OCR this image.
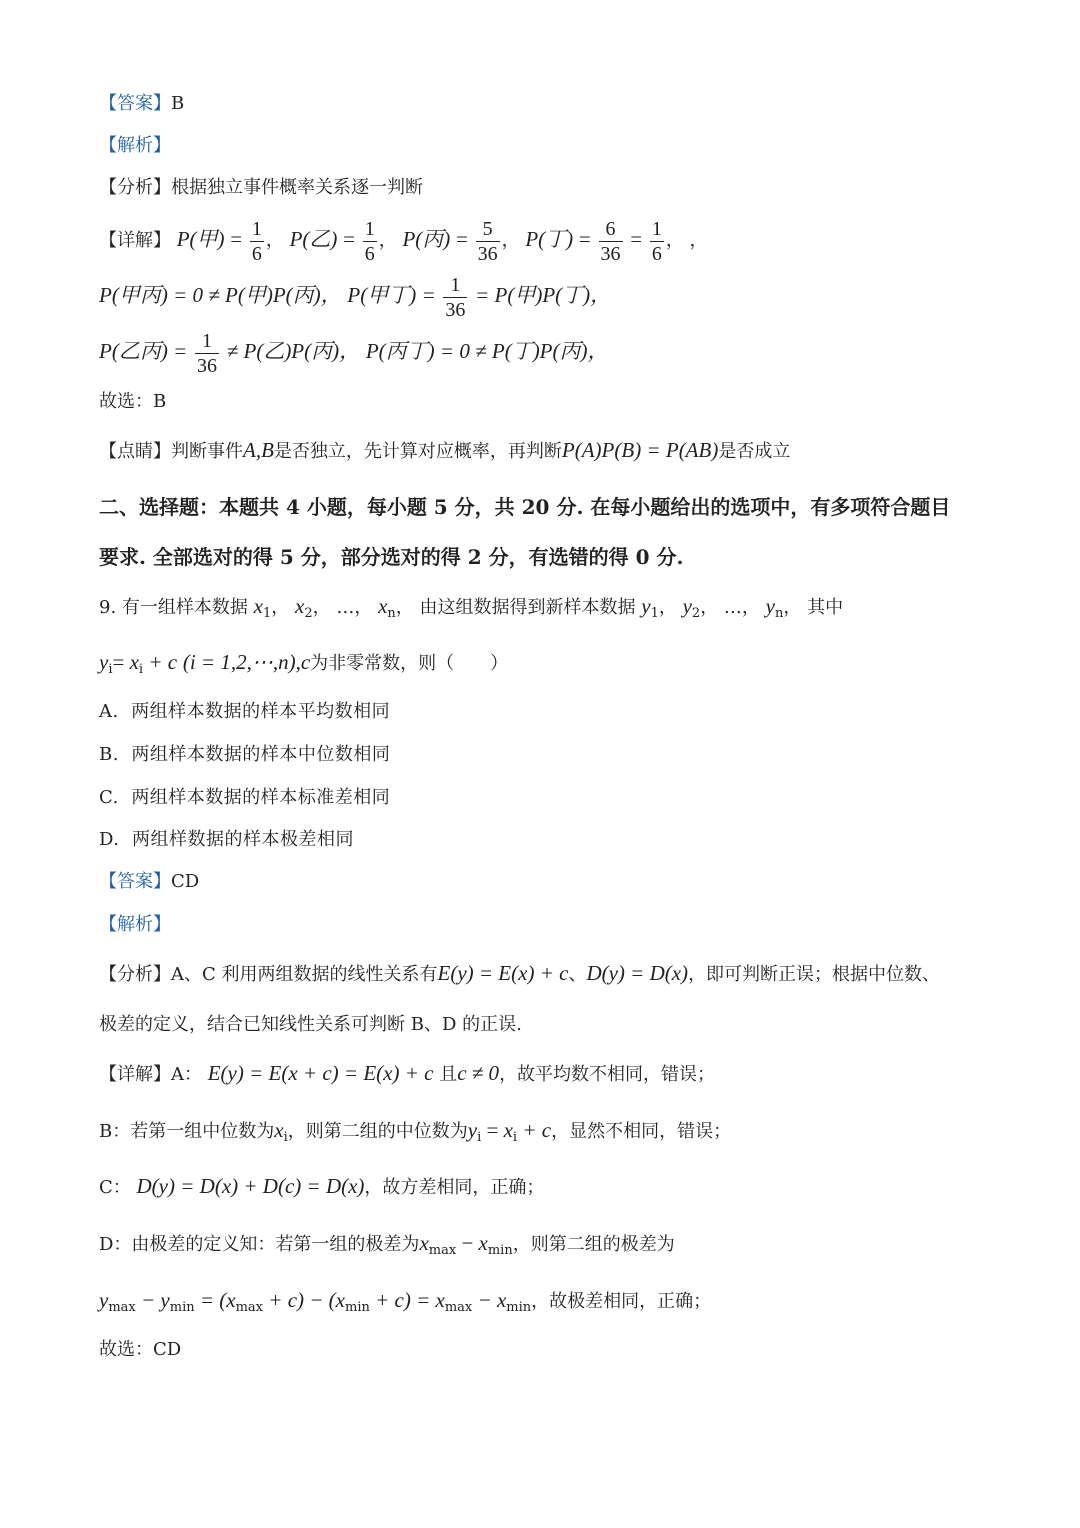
【答案】B
【解析】
【分析】根据独立事件概率关系逐一判断
【详解】 P(甲) = $\frac{1}{6}$ ， P(乙) = $\frac{1}{6}$ ， P(丙) = $\frac{5}{36}$ ， P(丁) = $\frac{6}{36} = \frac{1}{6}$ ， ，
P(甲丙) = 0 ≠ P(甲)P(丙)， P(甲丁) = $\frac{1}{36} = P$(甲)P(丁)，
P(乙丙) = $\frac{1}{36} \ne P$(乙)P(丙)， P(丙丁) = 0 ≠ P(丁)P(丙)，
故选：B
【点睛】判断事件A,B是否独立，先计算对应概率，再判断P(A)P(B) = P(AB)是否成立
二、选择题：本题共 4 小题，每小题 5 分，共 20 分. 在每小题给出的选项中，有多项符合题目
要求. 全部选对的得 5 分，部分选对的得 2 分，有选错的得 0 分.
9. 有一组样本数据 $x_1$， $x_2$， …， $x_n$， 由这组数据得到新样本数据 $y_1$， $y_2$， …， $y_n$， 其中
$y_i= x_i + c$ (i = 1,2,⋯,n),c为非零常数，则（　　）
A. 两组样本数据的样本平均数相同
B. 两组样本数据的样本中位数相同
C. 两组样本数据的样本标准差相同
D. 两组样数据的样本极差相同
【答案】CD
【解析】
【分析】A、C 利用两组数据的线性关系有E(y) = E(x) + c、D(y) = D(x)，即可判断正误；根据中位数、
极差的定义，结合已知线性关系可判断 B、D 的正误.
【详解】A： E(y) = E(x + c) = E(x) + c 且c ≠ 0，故平均数不相同，错误；
B：若第一组中位数为$x_i$，则第二组的中位数为$y_i = x_i + c$，显然不相同，错误；
C： D(y) = D(x) + D(c) = D(x)，故方差相同，正确；
D：由极差的定义知：若第一组的极差为$x_{max} - x_{min}$，则第二组的极差为
$y_{max} - y_{min} = (x_{max} + c) - (x_{min} + c) = x_{max} - x_{min}$，故极差相同，正确；
故选：CD
